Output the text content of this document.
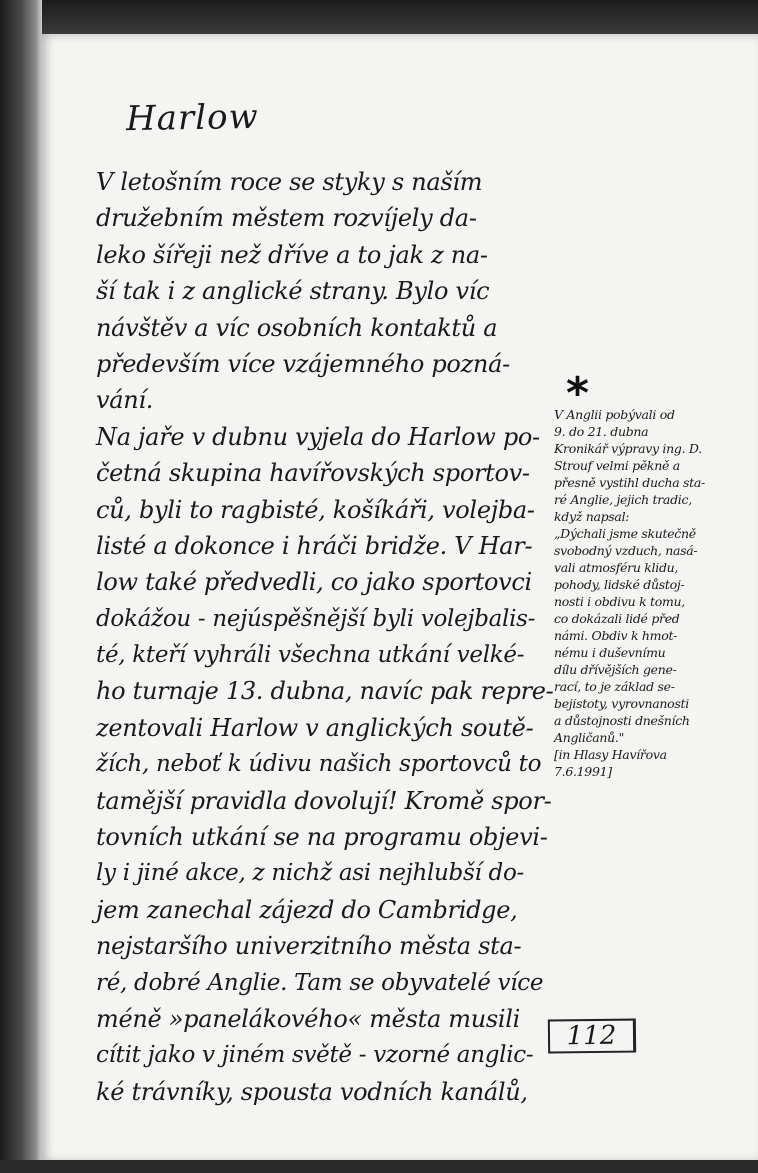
Harlow
V letošním roce se styky s naším
družebním městem rozvíjely da-
leko šířeji než dříve a to jak z na-
ší tak i z anglické strany. Bylo víc
návštěv a víc osobních kontaktů a
především více vzájemného pozná-
vání.
Na jaře v dubnu vyjela do Harlow po-
četná skupina havířovských sportov-
ců, byli to ragbisté, košíkáři, volejba-
listé a dokonce i hráči bridže. V Har-
low také předvedli, co jako sportovci
dokážou - nejúspěšnější byli volejbalis-
té, kteří vyhráli všechna utkání velké-
ho turnaje 13. dubna, navíc pak repre-
zentovali Harlow v anglických soutě-
žích, neboť k údivu našich sportovců to
tamější pravidla dovolují! Kromě spor-
tovních utkání se na programu objevi-
ly i jiné akce, z nichž asi nejhlubší do-
jem zanechal zájezd do Cambridge,
nejstaršího univerzitního města sta-
ré, dobré Anglie. Tam se obyvatelé více
méně »panelákového« města musili
cítit jako v jiném světě - vzorné anglic-
ké trávníky, spousta vodních kanálů,
*
V Anglii pobývali od
9. do 21. dubna
Kronikář výpravy ing. D.
Strouf velmi pěkně a
přesně vystihl ducha sta-
ré Anglie, jejich tradic,
když napsal:
„Dýchali jsme skutečně
svobodný vzduch, nasá-
vali atmosféru klidu,
pohody, lidské důstoj-
nosti i obdivu k tomu,
co dokázali lidé před
námi. Obdiv k hmot-
nému i duševnímu
dílu dřívějších gene-
rací, to je základ se-
bejistoty, vyrovnanosti
a důstojnosti dnešních
Angličanů."
[in Hlasy Havířova
7.6.1991]
112
